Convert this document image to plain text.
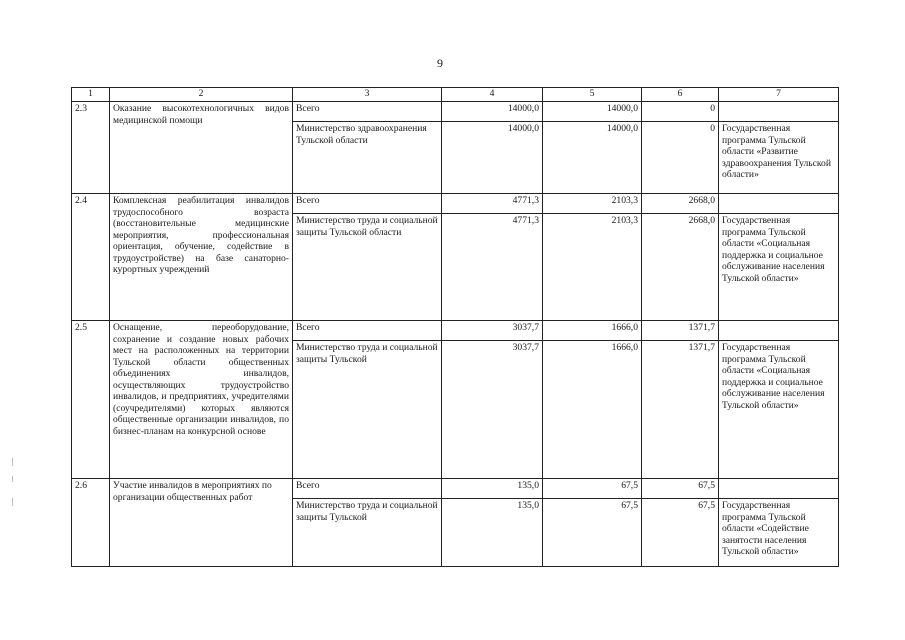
9
1	2	3	4	5	6	7
2.3	Оказание высокотехнологичных видов медицинской помощи	Всего	14000,0	14000,0	0	
		Министерство здравоохранения Тульской области	14000,0	14000,0	0	Государственная программа Тульской области «Развитие здравоохранения Тульской области»
2.4	Комплексная реабилитация инвалидов трудоспособного возраста (восстановительные медицинские мероприятия, профессиональная ориентация, обучение, содействие в трудоустройстве) на базе санаторно-курортных учреждений	Всего	4771,3	2103,3	2668,0	
		Министерство труда и социальной защиты Тульской области	4771,3	2103,3	2668,0	Государственная программа Тульской области «Социальная поддержка и социальное обслуживание населения Тульской области»
2.5	Оснащение, переоборудование, сохранение и создание новых рабочих мест на расположенных на территории Тульской области общественных объединениях инвалидов, осуществляющих трудоустройство инвалидов, и предприятиях, учредителями (соучредителями) которых являются общественные организации инвалидов, по бизнес-планам на конкурсной основе	Всего	3037,7	1666,0	1371,7	
		Министерство труда и социальной защиты Тульской	3037,7	1666,0	1371,7	Государственная программа Тульской области «Социальная поддержка и социальное обслуживание населения Тульской области»
2.6	Участие инвалидов в мероприятиях по организации общественных работ	Всего	135,0	67,5	67,5	
		Министерство труда и социальной защиты Тульской	135,0	67,5	67,5	Государственная программа Тульской области «Содействие занятости населения Тульской области»
